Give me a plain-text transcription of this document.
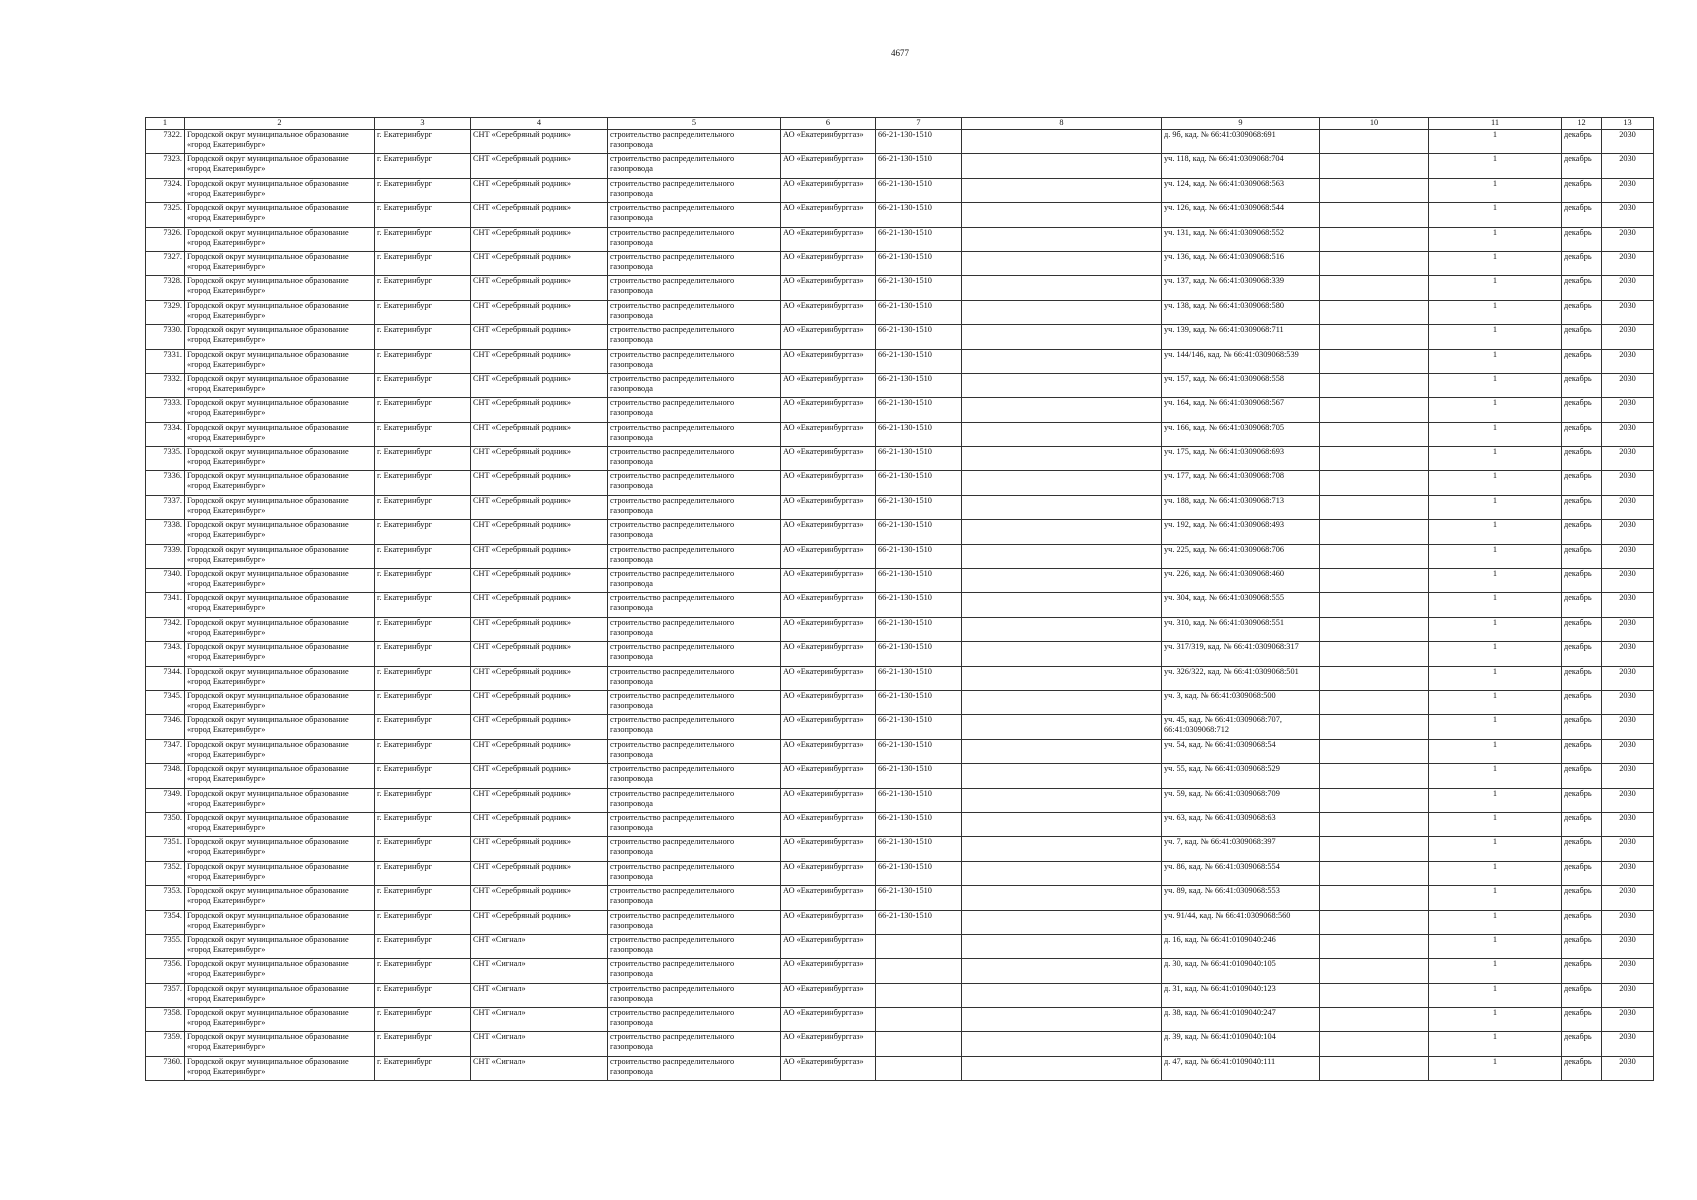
4677
1	2	3	4	5	6	7	8	9	10	11	12	13
7322.	Городской округ муниципальное образование «город Екатеринбург»	г. Екатеринбург	СНТ «Серебряный родник»	строительство распределительного газопровода	АО «Екатеринбурггаз»	66-21-130-1510		д. 9б, кад. № 66:41:0309068:691		1	декабрь	2030
7323.	Городской округ муниципальное образование «город Екатеринбург»	г. Екатеринбург	СНТ «Серебряный родник»	строительство распределительного газопровода	АО «Екатеринбурггаз»	66-21-130-1510		уч. 118, кад. № 66:41:0309068:704		1	декабрь	2030
7324.	Городской округ муниципальное образование «город Екатеринбург»	г. Екатеринбург	СНТ «Серебряный родник»	строительство распределительного газопровода	АО «Екатеринбурггаз»	66-21-130-1510		уч. 124, кад. № 66:41:0309068:563		1	декабрь	2030
7325.	Городской округ муниципальное образование «город Екатеринбург»	г. Екатеринбург	СНТ «Серебряный родник»	строительство распределительного газопровода	АО «Екатеринбурггаз»	66-21-130-1510		уч. 126, кад. № 66:41:0309068:544		1	декабрь	2030
7326.	Городской округ муниципальное образование «город Екатеринбург»	г. Екатеринбург	СНТ «Серебряный родник»	строительство распределительного газопровода	АО «Екатеринбурггаз»	66-21-130-1510		уч. 131, кад. № 66:41:0309068:552		1	декабрь	2030
7327.	Городской округ муниципальное образование «город Екатеринбург»	г. Екатеринбург	СНТ «Серебряный родник»	строительство распределительного газопровода	АО «Екатеринбурггаз»	66-21-130-1510		уч. 136, кад. № 66:41:0309068:516		1	декабрь	2030
7328.	Городской округ муниципальное образование «город Екатеринбург»	г. Екатеринбург	СНТ «Серебряный родник»	строительство распределительного газопровода	АО «Екатеринбурггаз»	66-21-130-1510		уч. 137, кад. № 66:41:0309068:339		1	декабрь	2030
7329.	Городской округ муниципальное образование «город Екатеринбург»	г. Екатеринбург	СНТ «Серебряный родник»	строительство распределительного газопровода	АО «Екатеринбурггаз»	66-21-130-1510		уч. 138, кад. № 66:41:0309068:580		1	декабрь	2030
7330.	Городской округ муниципальное образование «город Екатеринбург»	г. Екатеринбург	СНТ «Серебряный родник»	строительство распределительного газопровода	АО «Екатеринбурггаз»	66-21-130-1510		уч. 139, кад. № 66:41:0309068:711		1	декабрь	2030
7331.	Городской округ муниципальное образование «город Екатеринбург»	г. Екатеринбург	СНТ «Серебряный родник»	строительство распределительного газопровода	АО «Екатеринбурггаз»	66-21-130-1510		уч. 144/146, кад. № 66:41:0309068:539		1	декабрь	2030
7332.	Городской округ муниципальное образование «город Екатеринбург»	г. Екатеринбург	СНТ «Серебряный родник»	строительство распределительного газопровода	АО «Екатеринбурггаз»	66-21-130-1510		уч. 157, кад. № 66:41:0309068:558		1	декабрь	2030
7333.	Городской округ муниципальное образование «город Екатеринбург»	г. Екатеринбург	СНТ «Серебряный родник»	строительство распределительного газопровода	АО «Екатеринбурггаз»	66-21-130-1510		уч. 164, кад. № 66:41:0309068:567		1	декабрь	2030
7334.	Городской округ муниципальное образование «город Екатеринбург»	г. Екатеринбург	СНТ «Серебряный родник»	строительство распределительного газопровода	АО «Екатеринбурггаз»	66-21-130-1510		уч. 166, кад. № 66:41:0309068:705		1	декабрь	2030
7335.	Городской округ муниципальное образование «город Екатеринбург»	г. Екатеринбург	СНТ «Серебряный родник»	строительство распределительного газопровода	АО «Екатеринбурггаз»	66-21-130-1510		уч. 175, кад. № 66:41:0309068:693		1	декабрь	2030
7336.	Городской округ муниципальное образование «город Екатеринбург»	г. Екатеринбург	СНТ «Серебряный родник»	строительство распределительного газопровода	АО «Екатеринбурггаз»	66-21-130-1510		уч. 177, кад. № 66:41:0309068:708		1	декабрь	2030
7337.	Городской округ муниципальное образование «город Екатеринбург»	г. Екатеринбург	СНТ «Серебряный родник»	строительство распределительного газопровода	АО «Екатеринбурггаз»	66-21-130-1510		уч. 188, кад. № 66:41:0309068:713		1	декабрь	2030
7338.	Городской округ муниципальное образование «город Екатеринбург»	г. Екатеринбург	СНТ «Серебряный родник»	строительство распределительного газопровода	АО «Екатеринбурггаз»	66-21-130-1510		уч. 192, кад. № 66:41:0309068:493		1	декабрь	2030
7339.	Городской округ муниципальное образование «город Екатеринбург»	г. Екатеринбург	СНТ «Серебряный родник»	строительство распределительного газопровода	АО «Екатеринбурггаз»	66-21-130-1510		уч. 225, кад. № 66:41:0309068:706		1	декабрь	2030
7340.	Городской округ муниципальное образование «город Екатеринбург»	г. Екатеринбург	СНТ «Серебряный родник»	строительство распределительного газопровода	АО «Екатеринбурггаз»	66-21-130-1510		уч. 226, кад. № 66:41:0309068:460		1	декабрь	2030
7341.	Городской округ муниципальное образование «город Екатеринбург»	г. Екатеринбург	СНТ «Серебряный родник»	строительство распределительного газопровода	АО «Екатеринбурггаз»	66-21-130-1510		уч. 304, кад. № 66:41:0309068:555		1	декабрь	2030
7342.	Городской округ муниципальное образование «город Екатеринбург»	г. Екатеринбург	СНТ «Серебряный родник»	строительство распределительного газопровода	АО «Екатеринбурггаз»	66-21-130-1510		уч. 310, кад. № 66:41:0309068:551		1	декабрь	2030
7343.	Городской округ муниципальное образование «город Екатеринбург»	г. Екатеринбург	СНТ «Серебряный родник»	строительство распределительного газопровода	АО «Екатеринбурггаз»	66-21-130-1510		уч. 317/319, кад. № 66:41:0309068:317		1	декабрь	2030
7344.	Городской округ муниципальное образование «город Екатеринбург»	г. Екатеринбург	СНТ «Серебряный родник»	строительство распределительного газопровода	АО «Екатеринбурггаз»	66-21-130-1510		уч. 326/322, кад. № 66:41:0309068:501		1	декабрь	2030
7345.	Городской округ муниципальное образование «город Екатеринбург»	г. Екатеринбург	СНТ «Серебряный родник»	строительство распределительного газопровода	АО «Екатеринбурггаз»	66-21-130-1510		уч. 3, кад. № 66:41:0309068:500		1	декабрь	2030
7346.	Городской округ муниципальное образование «город Екатеринбург»	г. Екатеринбург	СНТ «Серебряный родник»	строительство распределительного газопровода	АО «Екатеринбурггаз»	66-21-130-1510		уч. 45, кад. № 66:41:0309068:707, 66:41:0309068:712		1	декабрь	2030
7347.	Городской округ муниципальное образование «город Екатеринбург»	г. Екатеринбург	СНТ «Серебряный родник»	строительство распределительного газопровода	АО «Екатеринбурггаз»	66-21-130-1510		уч. 54, кад. № 66:41:0309068:54		1	декабрь	2030
7348.	Городской округ муниципальное образование «город Екатеринбург»	г. Екатеринбург	СНТ «Серебряный родник»	строительство распределительного газопровода	АО «Екатеринбурггаз»	66-21-130-1510		уч. 55, кад. № 66:41:0309068:529		1	декабрь	2030
7349.	Городской округ муниципальное образование «город Екатеринбург»	г. Екатеринбург	СНТ «Серебряный родник»	строительство распределительного газопровода	АО «Екатеринбурггаз»	66-21-130-1510		уч. 59, кад. № 66:41:0309068:709		1	декабрь	2030
7350.	Городской округ муниципальное образование «город Екатеринбург»	г. Екатеринбург	СНТ «Серебряный родник»	строительство распределительного газопровода	АО «Екатеринбурггаз»	66-21-130-1510		уч. 63, кад. № 66:41:0309068:63		1	декабрь	2030
7351.	Городской округ муниципальное образование «город Екатеринбург»	г. Екатеринбург	СНТ «Серебряный родник»	строительство распределительного газопровода	АО «Екатеринбурггаз»	66-21-130-1510		уч. 7, кад. № 66:41:0309068:397		1	декабрь	2030
7352.	Городской округ муниципальное образование «город Екатеринбург»	г. Екатеринбург	СНТ «Серебряный родник»	строительство распределительного газопровода	АО «Екатеринбурггаз»	66-21-130-1510		уч. 86, кад. № 66:41:0309068:554		1	декабрь	2030
7353.	Городской округ муниципальное образование «город Екатеринбург»	г. Екатеринбург	СНТ «Серебряный родник»	строительство распределительного газопровода	АО «Екатеринбурггаз»	66-21-130-1510		уч. 89, кад. № 66:41:0309068:553		1	декабрь	2030
7354.	Городской округ муниципальное образование «город Екатеринбург»	г. Екатеринбург	СНТ «Серебряный родник»	строительство распределительного газопровода	АО «Екатеринбурггаз»	66-21-130-1510		уч. 91/44, кад. № 66:41:0309068:560		1	декабрь	2030
7355.	Городской округ муниципальное образование «город Екатеринбург»	г. Екатеринбург	СНТ «Сигнал»	строительство распределительного газопровода	АО «Екатеринбурггаз»			д. 16, кад. № 66:41:0109040:246		1	декабрь	2030
7356.	Городской округ муниципальное образование «город Екатеринбург»	г. Екатеринбург	СНТ «Сигнал»	строительство распределительного газопровода	АО «Екатеринбурггаз»			д. 30, кад. № 66:41:0109040:105		1	декабрь	2030
7357.	Городской округ муниципальное образование «город Екатеринбург»	г. Екатеринбург	СНТ «Сигнал»	строительство распределительного газопровода	АО «Екатеринбурггаз»			д. 31, кад. № 66:41:0109040:123		1	декабрь	2030
7358.	Городской округ муниципальное образование «город Екатеринбург»	г. Екатеринбург	СНТ «Сигнал»	строительство распределительного газопровода	АО «Екатеринбурггаз»			д. 38, кад. № 66:41:0109040:247		1	декабрь	2030
7359.	Городской округ муниципальное образование «город Екатеринбург»	г. Екатеринбург	СНТ «Сигнал»	строительство распределительного газопровода	АО «Екатеринбурггаз»			д. 39, кад. № 66:41:0109040:104		1	декабрь	2030
7360.	Городской округ муниципальное образование «город Екатеринбург»	г. Екатеринбург	СНТ «Сигнал»	строительство распределительного газопровода	АО «Екатеринбурггаз»			д. 47, кад. № 66:41:0109040:111		1	декабрь	2030
